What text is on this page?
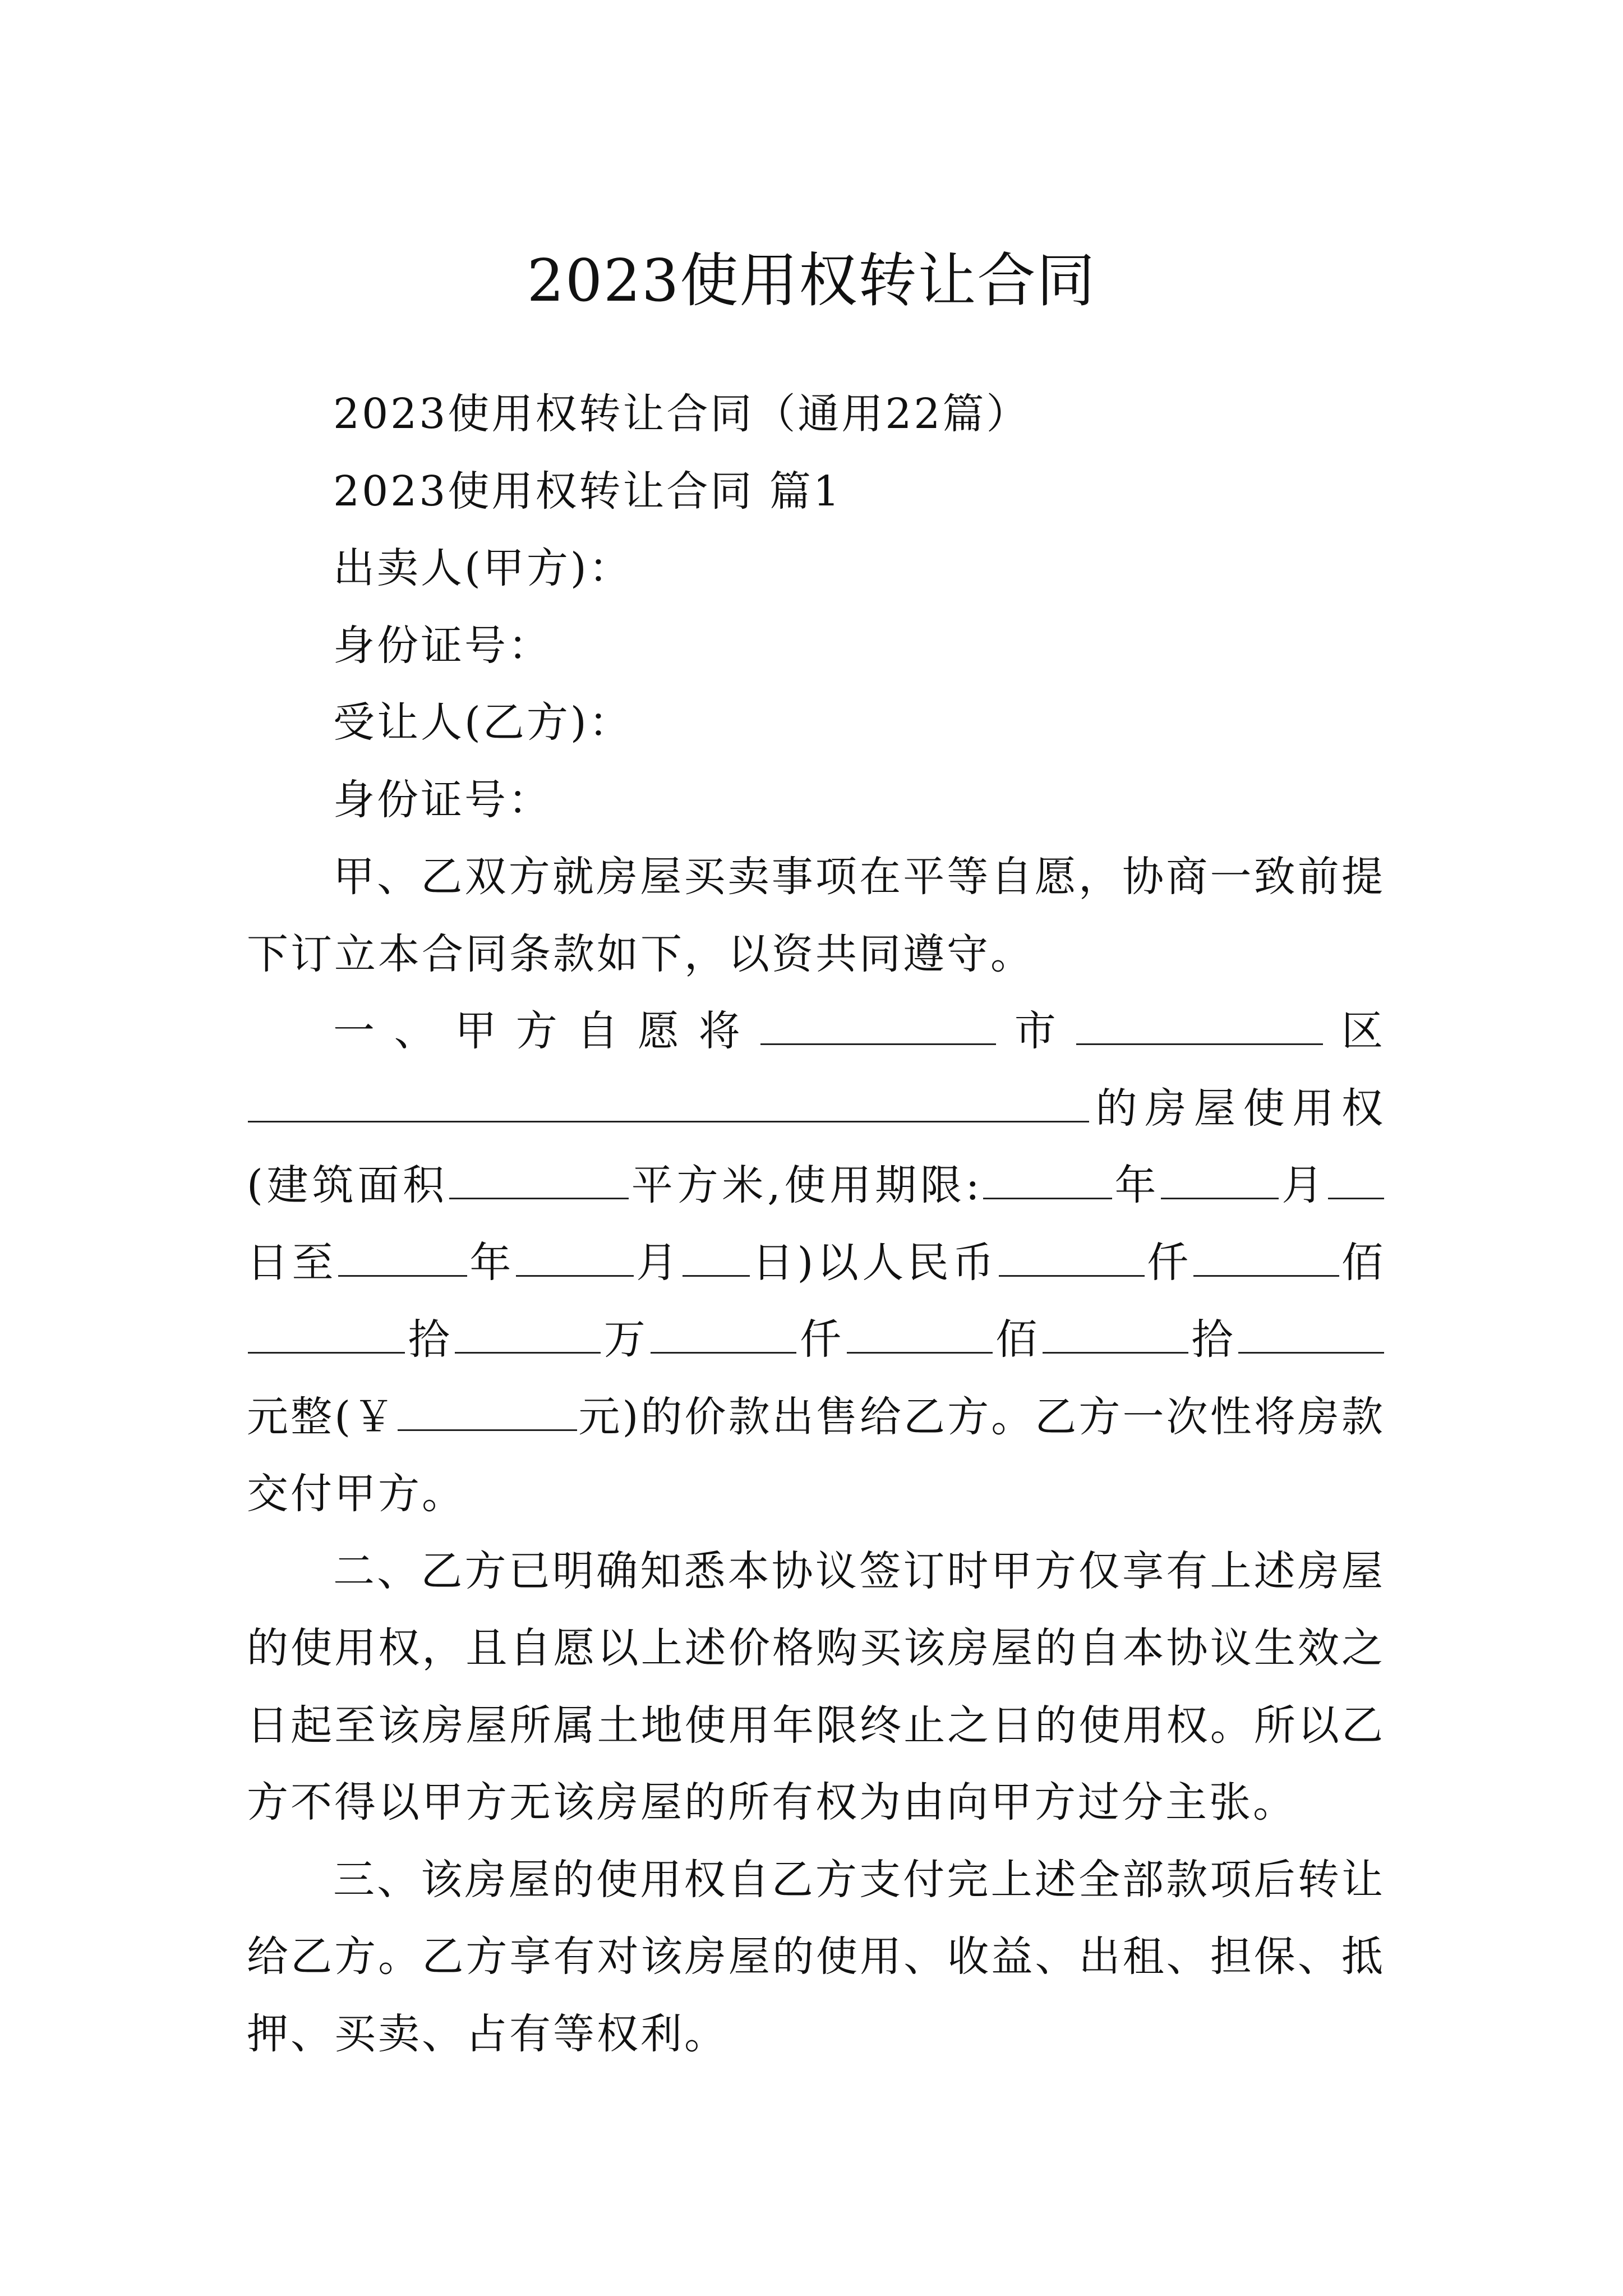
2023使用权转让合同

2023使用权转让合同（通用22篇）

2023使用权转让合同 篇1

出卖人(甲方)：

身份证号：

受让人(乙方)：

身份证号：

甲、乙双方就房屋买卖事项在平等自愿，协商一致前提下订立本合同条款如下，以资共同遵守。

一、甲方自愿将	市	区的房屋使用权(建筑面积	平方米,使用期限:	年	月日至	年	月 日)以人民币	仟	佰拾	万	仟	佰	拾元整(￥	元)的价款出售给乙方。乙方一次性将房款交付甲方。

二、乙方已明确知悉本协议签订时甲方仅享有上述房屋的使用权，且自愿以上述价格购买该房屋的自本协议生效之日起至该房屋所属土地使用年限终止之日的使用权。所以乙方不得以甲方无该房屋的所有权为由向甲方过分主张。

三、该房屋的使用权自乙方支付完上述全部款项后转让给乙方。乙方享有对该房屋的使用、收益、出租、担保、抵押、买卖、占有等权利。
